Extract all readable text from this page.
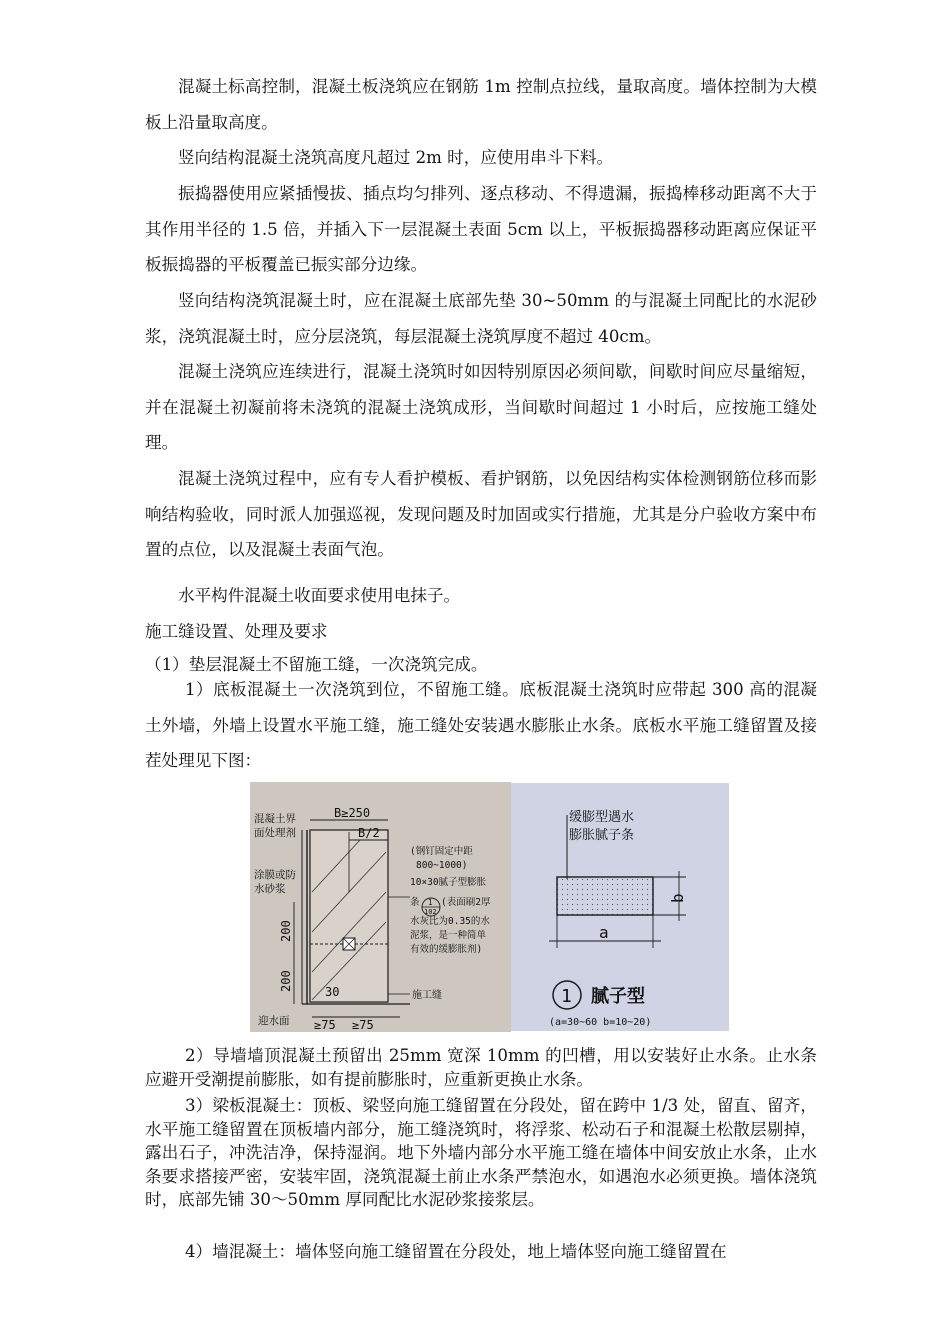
混凝土标高控制，混凝土板浇筑应在钢筋 1m 控制点拉线，量取高度。墙体控制为大模板上沿量取高度。

竖向结构混凝土浇筑高度凡超过 2m 时，应使用串斗下料。

振捣器使用应紧插慢拔、插点均匀排列、逐点移动、不得遗漏，振捣棒移动距离不大于其作用半径的 1.5 倍，并插入下一层混凝土表面 5cm 以上，平板振捣器移动距离应保证平板振捣器的平板覆盖已振实部分边缘。

竖向结构浇筑混凝土时，应在混凝土底部先垫 30~50mm 的与混凝土同配比的水泥砂浆，浇筑混凝土时，应分层浇筑，每层混凝土浇筑厚度不超过 40cm。

混凝土浇筑应连续进行，混凝土浇筑时如因特别原因必须间歇，间歇时间应尽量缩短，并在混凝土初凝前将未浇筑的混凝土浇筑成形，当间歇时间超过 1 小时后，应按施工缝处理。

混凝土浇筑过程中，应有专人看护模板、看护钢筋，以免因结构实体检测钢筋位移而影响结构验收，同时派人加强巡视，发现问题及时加固或实行措施，尤其是分户验收方案中布置的点位，以及混凝土表面气泡。

水平构件混凝土收面要求使用电抹子。

施工缝设置、处理及要求

（1）垫层混凝土不留施工缝，一次浇筑完成。

1）底板混凝土一次浇筑到位，不留施工缝。底板混凝土浇筑时应带起 300 高的混凝土外墙，外墙上设置水平施工缝，施工缝处安装遇水膨胀止水条。底板水平施工缝留置及接茬处理见下图：

B≥250
B/2
混凝土界
面处理剂
涂膜或防
水砂浆
迎水面
200
200	30
≥75 ≥75
(钢钉固定中距
800~1000)
10×30腻子型膨胀
条 1
102
(表面刷2厚
水灰比为0.35的水
泥浆，是一种简单
有效的缓膨胀剂)
施工缝
缓膨型遇水
膨胀腻子条
b
a
1 腻子型
(a=30~60 b=10~20)

2）导墙墙顶混凝土预留出 25mm 宽深 10mm 的凹槽，用以安装好止水条。止水条应避开受潮提前膨胀，如有提前膨胀时，应重新更换止水条。

3）梁板混凝土：顶板、梁竖向施工缝留置在分段处，留在跨中 1/3 处，留直、留齐，水平施工缝留置在顶板墙内部分，施工缝浇筑时，将浮浆、松动石子和混凝土松散层剔掉，露出石子，冲洗洁净，保持湿润。地下外墙内部分水平施工缝在墙体中间安放止水条，止水条要求搭接严密，安装牢固，浇筑混凝土前止水条严禁泡水，如遇泡水必须更换。墙体浇筑时，底部先铺 30～50mm 厚同配比水泥砂浆接浆层。

4）墙混凝土：墙体竖向施工缝留置在分段处，地上墙体竖向施工缝留置在
